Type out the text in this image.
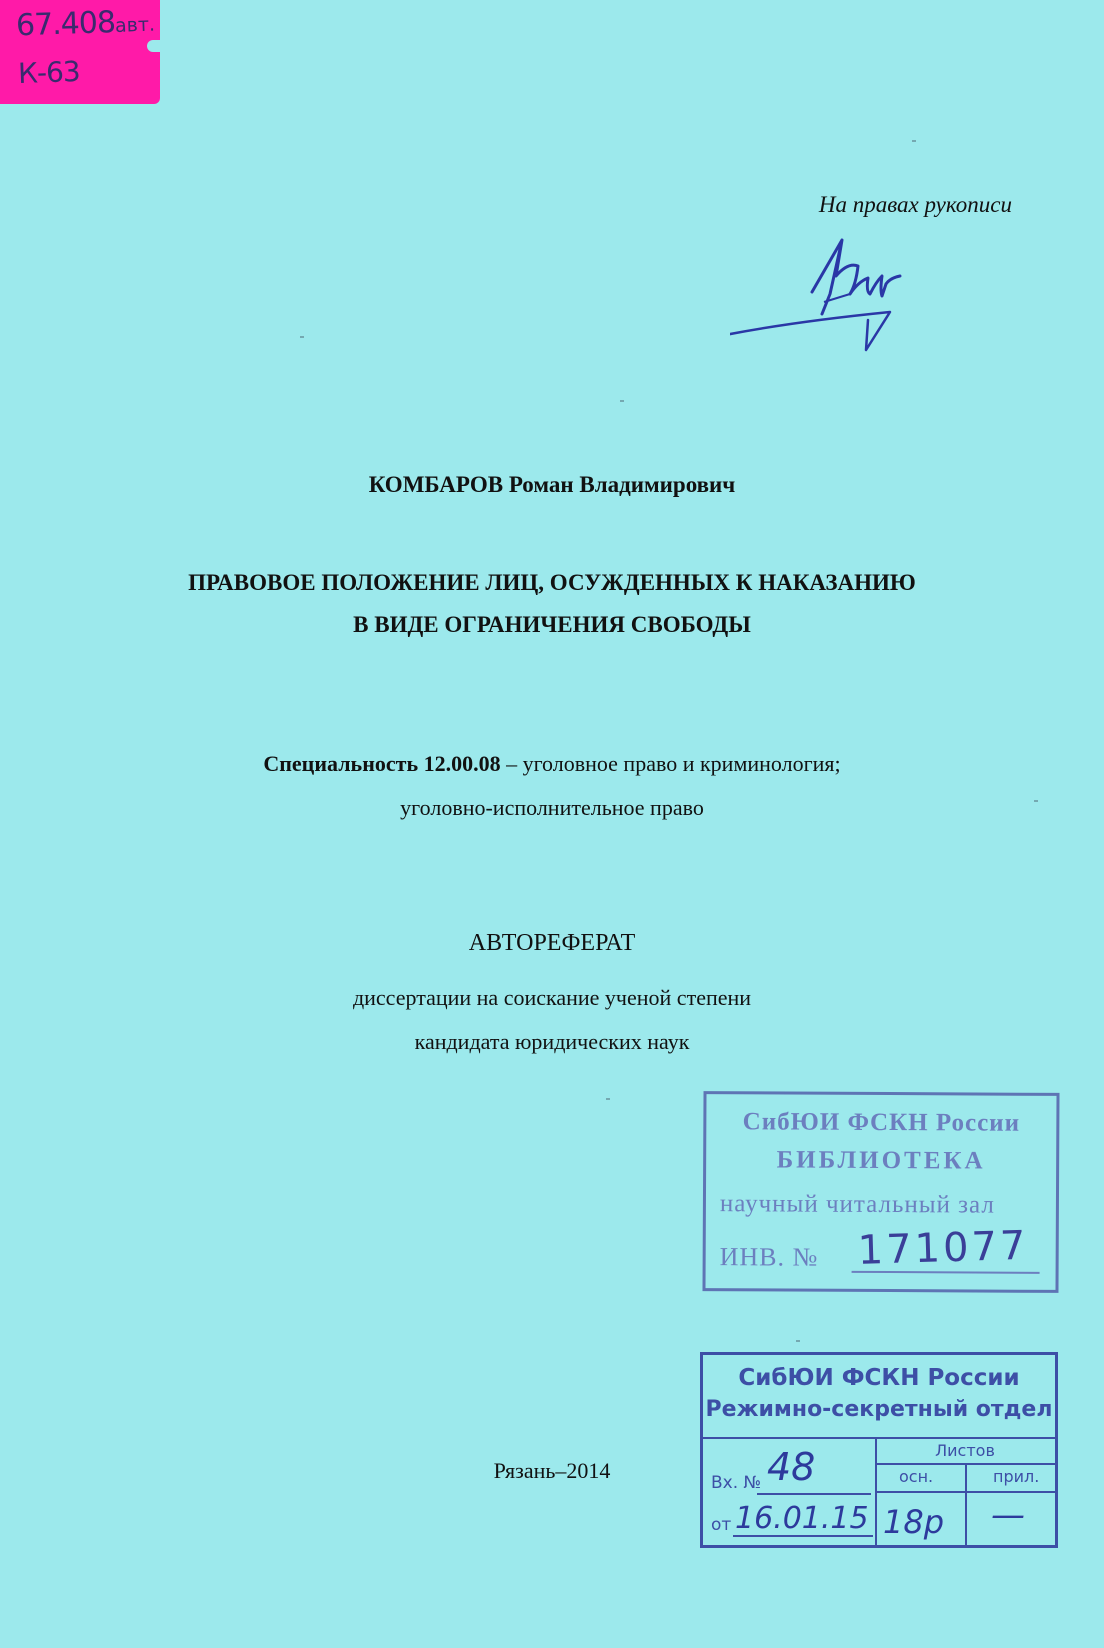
67.408авт.
К-63
На правах рукописи
КОМБАРОВ Роман Владимирович
ПРАВОВОЕ ПОЛОЖЕНИЕ ЛИЦ, ОСУЖДЕННЫХ К НАКАЗАНИЮ
В ВИДЕ ОГРАНИЧЕНИЯ СВОБОДЫ
Специальность 12.00.08 – уголовное право и криминология;
уголовно-исполнительное право
АВТОРЕФЕРАТ
диссертации на соискание ученой степени
кандидата юридических наук
СибЮИ ФСКН России
БИБЛИОТЕКА
научный читальный зал
ИНВ. № 171077
СибЮИ ФСКН России
Режимно-секретный отдел
Листов
осн.	прил.
Вх. №
от
48
16.01.15 18р —
Рязань–2014
